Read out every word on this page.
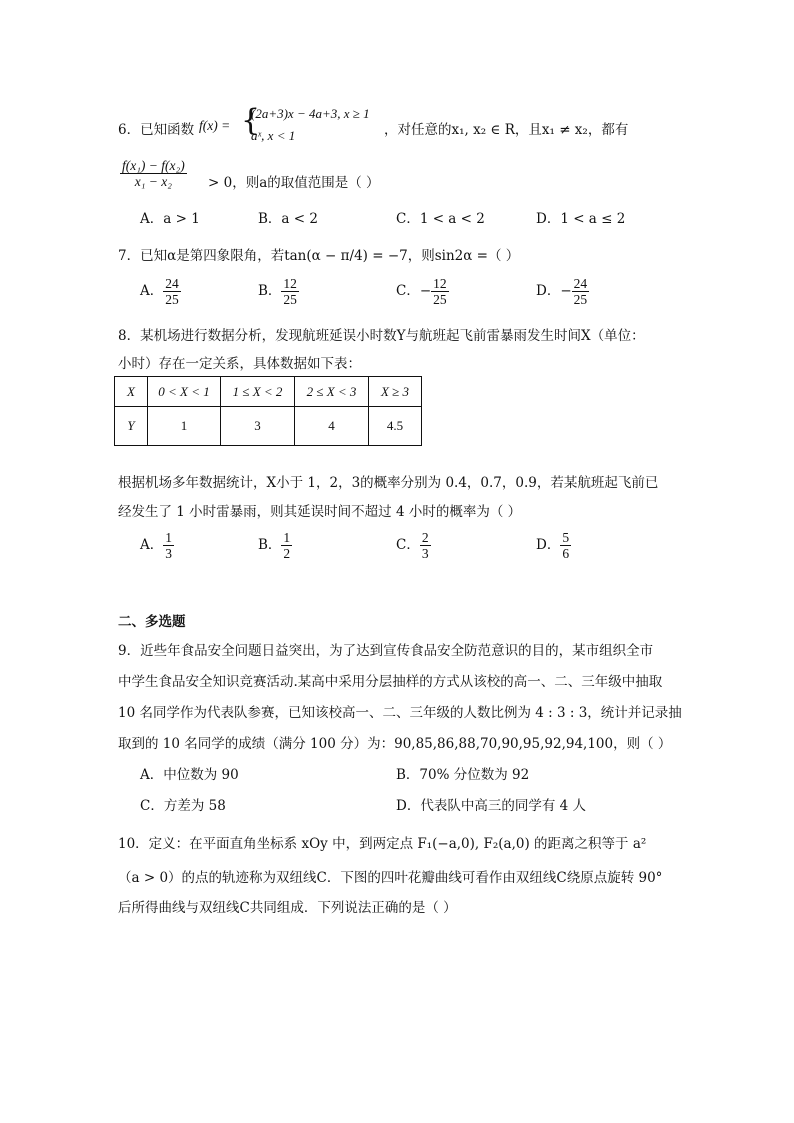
6．已知函数 f(x) = {
(2a+3)x − 4a+3, x ≥ 1
aˣ, x < 1	，对任意的x₁, x₂ ∈ R，且x₁ ≠ x₂，都有
$\frac{\text{f(x₁) − f(x₂)}}{\text{x₁ − x₂}} > 0$，则a的取值范围是（ ）
A．a > 1	B．a < 2	C．1 < a < 2	D．1 < a ≤ 2
7．已知α是第四象限角，若tan(α − π/4) = −7，则sin2α =（ ）
A． $\frac{24}{25}$	B． $\frac{12}{25}$	C．− $\frac{12}{25}$	D．− $\frac{24}{25}$
8．某机场进行数据分析，发现航班延误小时数Y与航班起飞前雷暴雨发生时间X（单位：
小时）存在一定关系，具体数据如下表：
X	0 < X < 1	1 ≤ X < 2	2 ≤ X < 3	X ≥ 3
Y	1	3	4	4.5
根据机场多年数据统计，X小于 1，2，3的概率分别为 0.4，0.7，0.9，若某航班起飞前已
经发生了 1 小时雷暴雨，则其延误时间不超过 4 小时的概率为（ ）
A． $\frac{1}{3}$	B． $\frac{1}{2}$	C． $\frac{2}{3}$	D． $\frac{5}{6}$
二、多选题
9．近些年食品安全问题日益突出，为了达到宣传食品安全防范意识的目的，某市组织全市
中学生食品安全知识竞赛活动.某高中采用分层抽样的方式从该校的高一、二、三年级中抽取
10 名同学作为代表队参赛，已知该校高一、二、三年级的人数比例为 4 : 3 : 3，统计并记录抽
取到的 10 名同学的成绩（满分 100 分）为：90,85,86,88,70,90,95,92,94,100，则（ ）
A．中位数为 90	B．70% 分位数为 92
C．方差为 58	D．代表队中高三的同学有 4 人
10．定义：在平面直角坐标系 xOy 中，到两定点 F₁(−a,0), F₂(a,0) 的距离之积等于 a²
（a > 0）的点的轨迹称为双纽线C．下图的四叶花瓣曲线可看作由双纽线C绕原点旋转 90°
后所得曲线与双纽线C共同组成．下列说法正确的是（ ）
